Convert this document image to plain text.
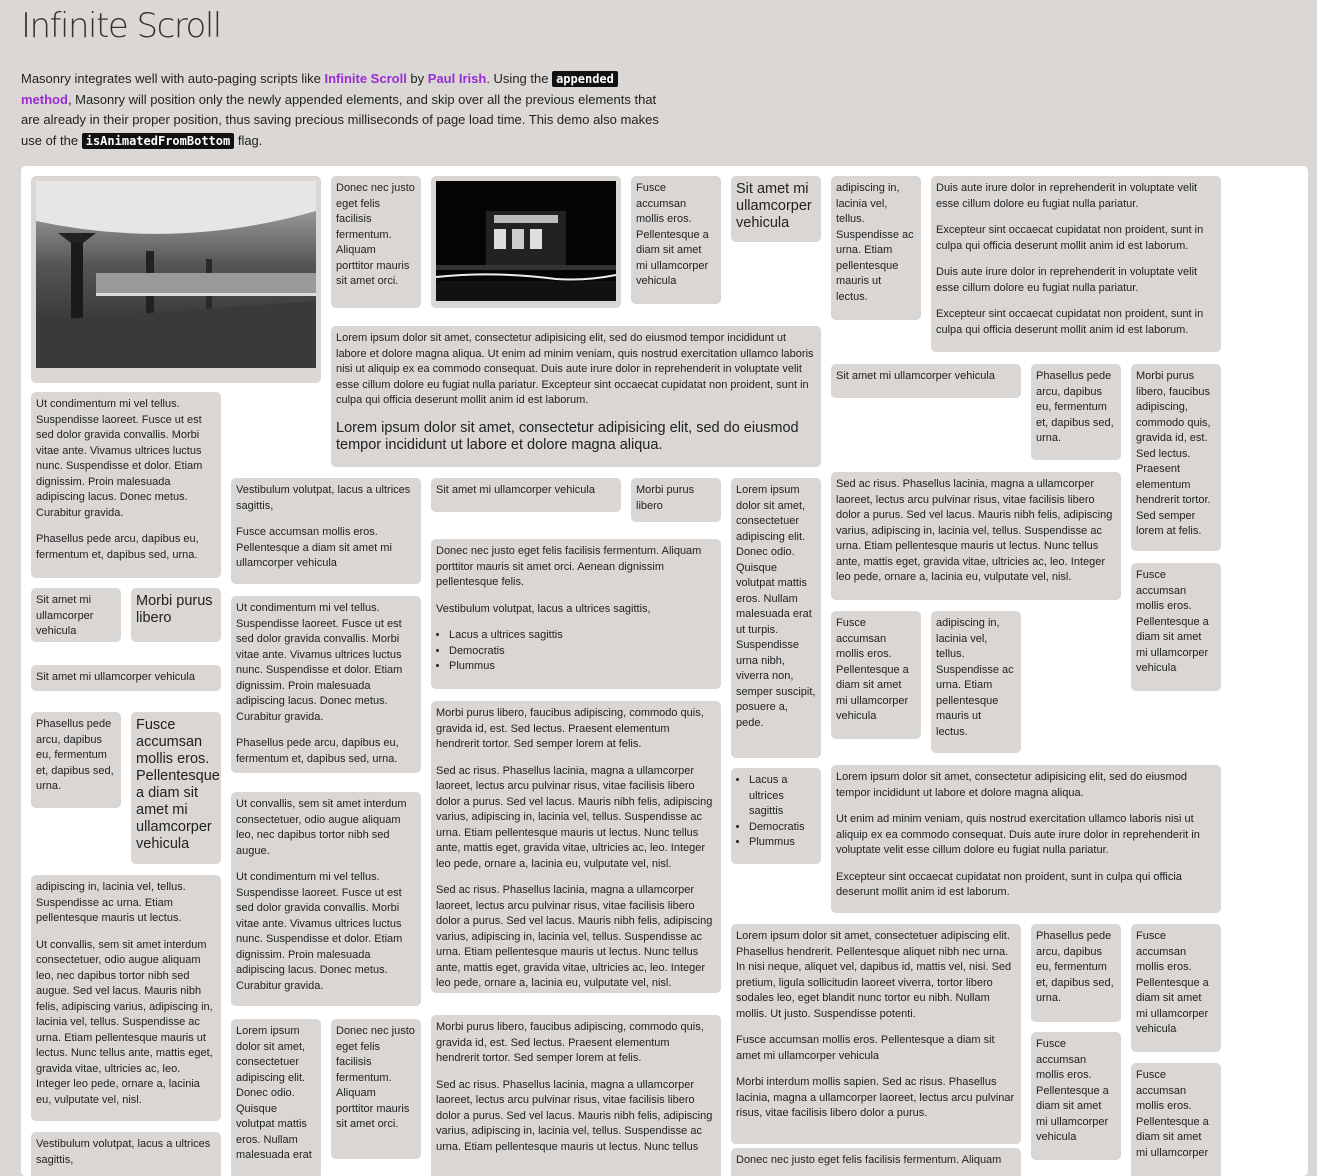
Infinite Scroll

Masonry integrates well with auto-paging scripts like Infinite Scroll by Paul Irish. Using the appended
method, Masonry will position only the newly appended elements, and skip over all the previous elements that are already in their proper position, thus saving precious milliseconds of page load time. This demo also makes use of the isAnimatedFromBottom flag.

Ut condimentum mi vel tellus. Suspendisse laoreet. Fusce ut est sed dolor gravida convallis. Morbi vitae ante. Vivamus ultrices luctus nunc. Suspendisse et dolor. Etiam dignissim. Proin malesuada adipiscing lacus. Donec metus. Curabitur gravida.

Phasellus pede arcu, dapibus eu, fermentum et, dapibus sed, urna.

Sit amet mi ullamcorper vehicula

Morbi purus libero

Sit amet mi ullamcorper vehicula

Phasellus pede arcu, dapibus eu, fermentum et, dapibus sed, urna.

Fusce accumsan mollis eros. Pellentesque a diam sit amet mi ullamcorper vehicula

adipiscing in, lacinia vel, tellus. Suspendisse ac urna. Etiam pellentesque mauris ut lectus.

Ut convallis, sem sit amet interdum consectetuer, odio augue aliquam leo, nec dapibus tortor nibh sed augue. Sed vel lacus. Mauris nibh felis, adipiscing varius, adipiscing in, lacinia vel, tellus. Suspendisse ac urna. Etiam pellentesque mauris ut lectus. Nunc tellus ante, mattis eget, gravida vitae, ultricies ac, leo. Integer leo pede, ornare a, lacinia eu, vulputate vel, nisl.

Vestibulum volutpat, lacus a ultrices sagittis,

Donec nec justo eget felis facilisis fermentum. Aliquam porttitor mauris sit amet orci.

Fusce accumsan mollis eros. Pellentesque a diam sit amet mi ullamcorper vehicula

Sit amet mi ullamcorper vehicula

Lorem ipsum dolor sit amet, consectetur adipisicing elit, sed do eiusmod tempor incididunt ut labore et dolore magna aliqua. Ut enim ad minim veniam, quis nostrud exercitation ullamco laboris nisi ut aliquip ex ea commodo consequat. Duis aute irure dolor in reprehenderit in voluptate velit esse cillum dolore eu fugiat nulla pariatur. Excepteur sint occaecat cupidatat non proident, sunt in culpa qui officia deserunt mollit anim id est laborum.

Lorem ipsum dolor sit amet, consectetur adipisicing elit, sed do eiusmod tempor incididunt ut labore et dolore magna aliqua.

Vestibulum volutpat, lacus a ultrices sagittis,

Fusce accumsan mollis eros. Pellentesque a diam sit amet mi ullamcorper vehicula

Ut condimentum mi vel tellus. Suspendisse laoreet. Fusce ut est sed dolor gravida convallis. Morbi vitae ante. Vivamus ultrices luctus nunc. Suspendisse et dolor. Etiam dignissim. Proin malesuada adipiscing lacus. Donec metus. Curabitur gravida.

Phasellus pede arcu, dapibus eu, fermentum et, dapibus sed, urna.

Ut convallis, sem sit amet interdum consectetuer, odio augue aliquam leo, nec dapibus tortor nibh sed augue.

Ut condimentum mi vel tellus. Suspendisse laoreet. Fusce ut est sed dolor gravida convallis. Morbi vitae ante. Vivamus ultrices luctus nunc. Suspendisse et dolor. Etiam dignissim. Proin malesuada adipiscing lacus. Donec metus. Curabitur gravida.

Lorem ipsum dolor sit amet, consectetuer adipiscing elit. Donec odio. Quisque volutpat mattis eros. Nullam malesuada erat

Donec nec justo eget felis facilisis fermentum. Aliquam porttitor mauris sit amet orci.

Sit amet mi ullamcorper vehicula	Morbi purus libero

Donec nec justo eget felis facilisis fermentum. Aliquam porttitor mauris sit amet orci. Aenean dignissim pellentesque felis.

Vestibulum volutpat, lacus a ultrices sagittis,

• Lacus a ultrices sagittis
• Democratis
• Plummus

Morbi purus libero, faucibus adipiscing, commodo quis, gravida id, est. Sed lectus. Praesent elementum hendrerit tortor. Sed semper lorem at felis.

Sed ac risus. Phasellus lacinia, magna a ullamcorper laoreet, lectus arcu pulvinar risus, vitae facilisis libero dolor a purus. Sed vel lacus. Mauris nibh felis, adipiscing varius, adipiscing in, lacinia vel, tellus. Suspendisse ac urna. Etiam pellentesque mauris ut lectus. Nunc tellus ante, mattis eget, gravida vitae, ultricies ac, leo. Integer leo pede, ornare a, lacinia eu, vulputate vel, nisl.

Sed ac risus. Phasellus lacinia, magna a ullamcorper laoreet, lectus arcu pulvinar risus, vitae facilisis libero dolor a purus. Sed vel lacus. Mauris nibh felis, adipiscing varius, adipiscing in, lacinia vel, tellus. Suspendisse ac urna. Etiam pellentesque mauris ut lectus. Nunc tellus ante, mattis eget, gravida vitae, ultricies ac, leo. Integer leo pede, ornare a, lacinia eu, vulputate vel, nisl.

Morbi purus libero, faucibus adipiscing, commodo quis, gravida id, est. Sed lectus. Praesent elementum hendrerit tortor. Sed semper lorem at felis.

Sed ac risus. Phasellus lacinia, magna a ullamcorper laoreet, lectus arcu pulvinar risus, vitae facilisis libero dolor a purus. Sed vel lacus. Mauris nibh felis, adipiscing varius, adipiscing in, lacinia vel, tellus. Suspendisse ac urna. Etiam pellentesque mauris ut lectus. Nunc tellus

Lorem ipsum dolor sit amet, consectetuer adipiscing elit. Donec odio. Quisque volutpat mattis eros. Nullam malesuada erat ut turpis. Suspendisse urna nibh, viverra non, semper suscipit, posuere a, pede.

• Lacus a ultrices sagittis
• Democratis
• Plummus

Lorem ipsum dolor sit amet, consectetuer adipiscing elit. Phasellus hendrerit. Pellentesque aliquet nibh nec urna. In nisi neque, aliquet vel, dapibus id, mattis vel, nisi. Sed pretium, ligula sollicitudin laoreet viverra, tortor libero sodales leo, eget blandit nunc tortor eu nibh. Nullam mollis. Ut justo. Suspendisse potenti.

Fusce accumsan mollis eros. Pellentesque a diam sit amet mi ullamcorper vehicula

Morbi interdum mollis sapien. Sed ac risus. Phasellus lacinia, magna a ullamcorper laoreet, lectus arcu pulvinar risus, vitae facilisis libero dolor a purus.

Donec nec justo eget felis facilisis fermentum. Aliquam

adipiscing in, lacinia vel, tellus. Suspendisse ac urna. Etiam pellentesque mauris ut lectus.

Duis aute irure dolor in reprehenderit in voluptate velit esse cillum dolore eu fugiat nulla pariatur.

Excepteur sint occaecat cupidatat non proident, sunt in culpa qui officia deserunt mollit anim id est laborum.

Duis aute irure dolor in reprehenderit in voluptate velit esse cillum dolore eu fugiat nulla pariatur.

Excepteur sint occaecat cupidatat non proident, sunt in culpa qui officia deserunt mollit anim id est laborum.

Sit amet mi ullamcorper vehicula	Phasellus pede arcu, dapibus eu, fermentum et, dapibus sed, urna.

Morbi purus libero, faucibus adipiscing, commodo quis, gravida id, est. Sed lectus. Praesent elementum hendrerit tortor. Sed semper lorem at felis.

Sed ac risus. Phasellus lacinia, magna a ullamcorper laoreet, lectus arcu pulvinar risus, vitae facilisis libero dolor a purus. Sed vel lacus. Mauris nibh felis, adipiscing varius, adipiscing in, lacinia vel, tellus. Suspendisse ac urna. Etiam pellentesque mauris ut lectus. Nunc tellus ante, mattis eget, gravida vitae, ultricies ac, leo. Integer leo pede, ornare a, lacinia eu, vulputate vel, nisl.	Fusce accumsan mollis eros. Pellentesque a diam sit amet mi ullamcorper vehicula

Fusce accumsan mollis eros. Pellentesque a diam sit amet mi ullamcorper vehicula

adipiscing in, lacinia vel, tellus. Suspendisse ac urna. Etiam pellentesque mauris ut lectus.

Lorem ipsum dolor sit amet, consectetur adipisicing elit, sed do eiusmod tempor incididunt ut labore et dolore magna aliqua.

Ut enim ad minim veniam, quis nostrud exercitation ullamco laboris nisi ut aliquip ex ea commodo consequat. Duis aute irure dolor in reprehenderit in voluptate velit esse cillum dolore eu fugiat nulla pariatur.

Excepteur sint occaecat cupidatat non proident, sunt in culpa qui officia deserunt mollit anim id est laborum.

Phasellus pede arcu, dapibus eu, fermentum et, dapibus sed, urna.

Fusce accumsan mollis eros. Pellentesque a diam sit amet mi ullamcorper vehicula

Fusce accumsan mollis eros. Pellentesque a diam sit amet mi ullamcorper vehicula

Fusce accumsan mollis eros. Pellentesque a diam sit amet mi ullamcorper
